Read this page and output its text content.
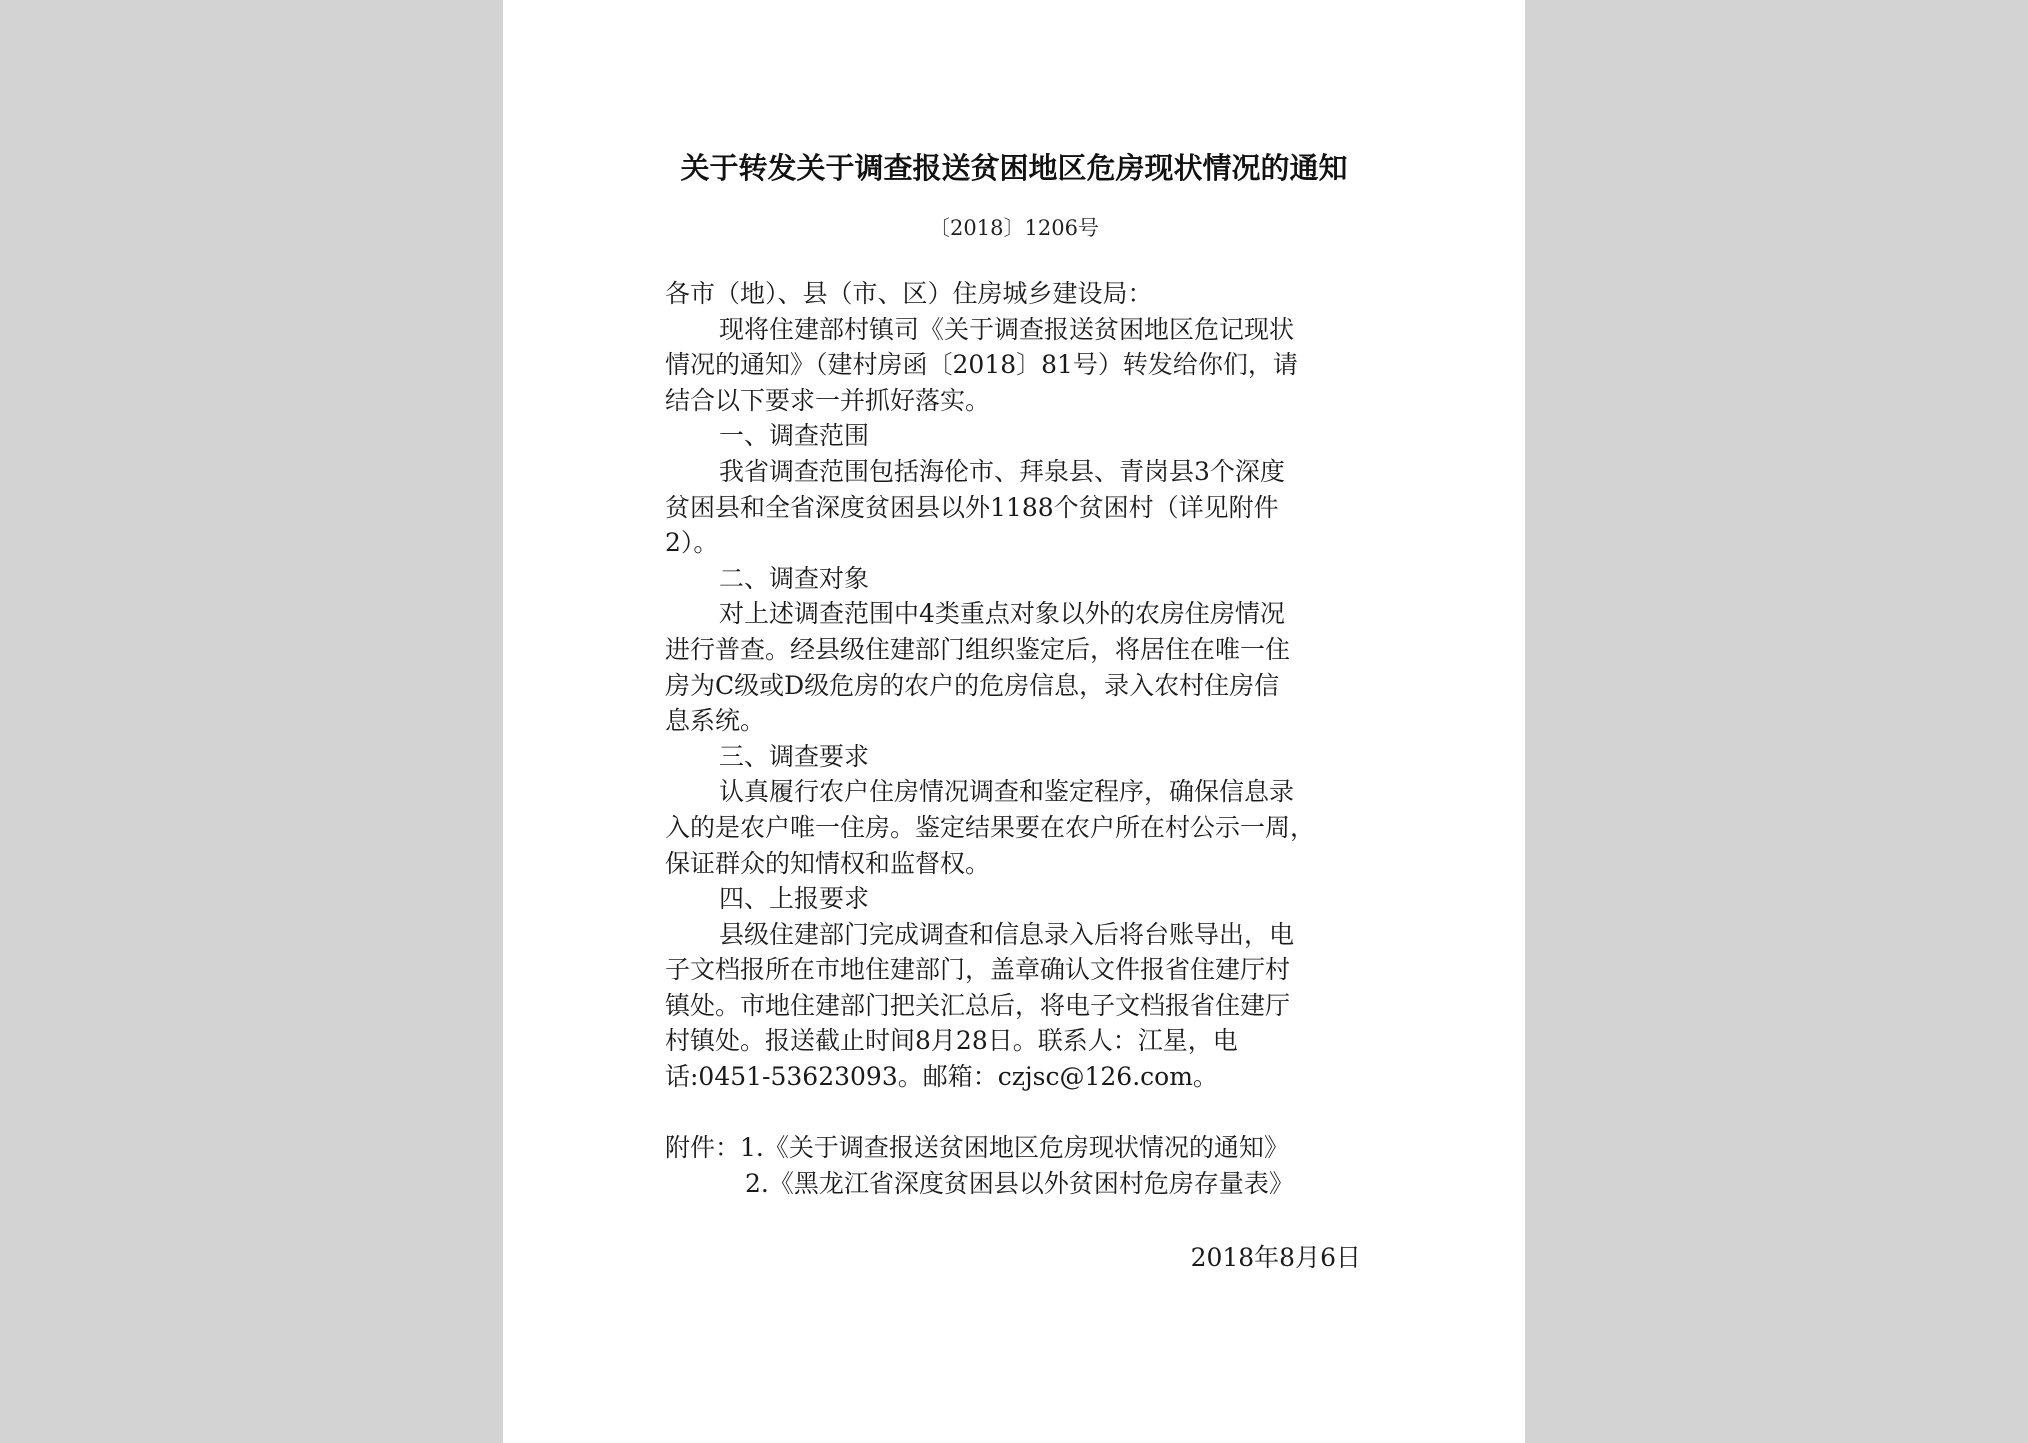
关于转发关于调查报送贫困地区危房现状情况的通知
〔2018〕1206号
各市（地）、县（市、区）住房城乡建设局：
现将住建部村镇司《关于调查报送贫困地区危记现状
情况的通知》（建村房函〔2018〕81号）转发给你们，请
结合以下要求一并抓好落实。
一、调查范围
我省调查范围包括海伦市、拜泉县、青岗县3个深度
贫困县和全省深度贫困县以外1188个贫困村（详见附件
2）。
二、调查对象
对上述调查范围中4类重点对象以外的农房住房情况
进行普查。经县级住建部门组织鉴定后，将居住在唯一住
房为C级或D级危房的农户的危房信息，录入农村住房信
息系统。
三、调查要求
认真履行农户住房情况调查和鉴定程序，确保信息录
入的是农户唯一住房。鉴定结果要在农户所在村公示一周，
保证群众的知情权和监督权。
四、上报要求
县级住建部门完成调查和信息录入后将台账导出，电
子文档报所在市地住建部门，盖章确认文件报省住建厅村
镇处。市地住建部门把关汇总后，将电子文档报省住建厅
村镇处。报送截止时间8月28日。联系人：江星，电
话:0451-53623093。邮箱：czjsc@126.com。
附件：1.《关于调查报送贫困地区危房现状情况的通知》
2.《黑龙江省深度贫困县以外贫困村危房存量表》
2018年8月6日
